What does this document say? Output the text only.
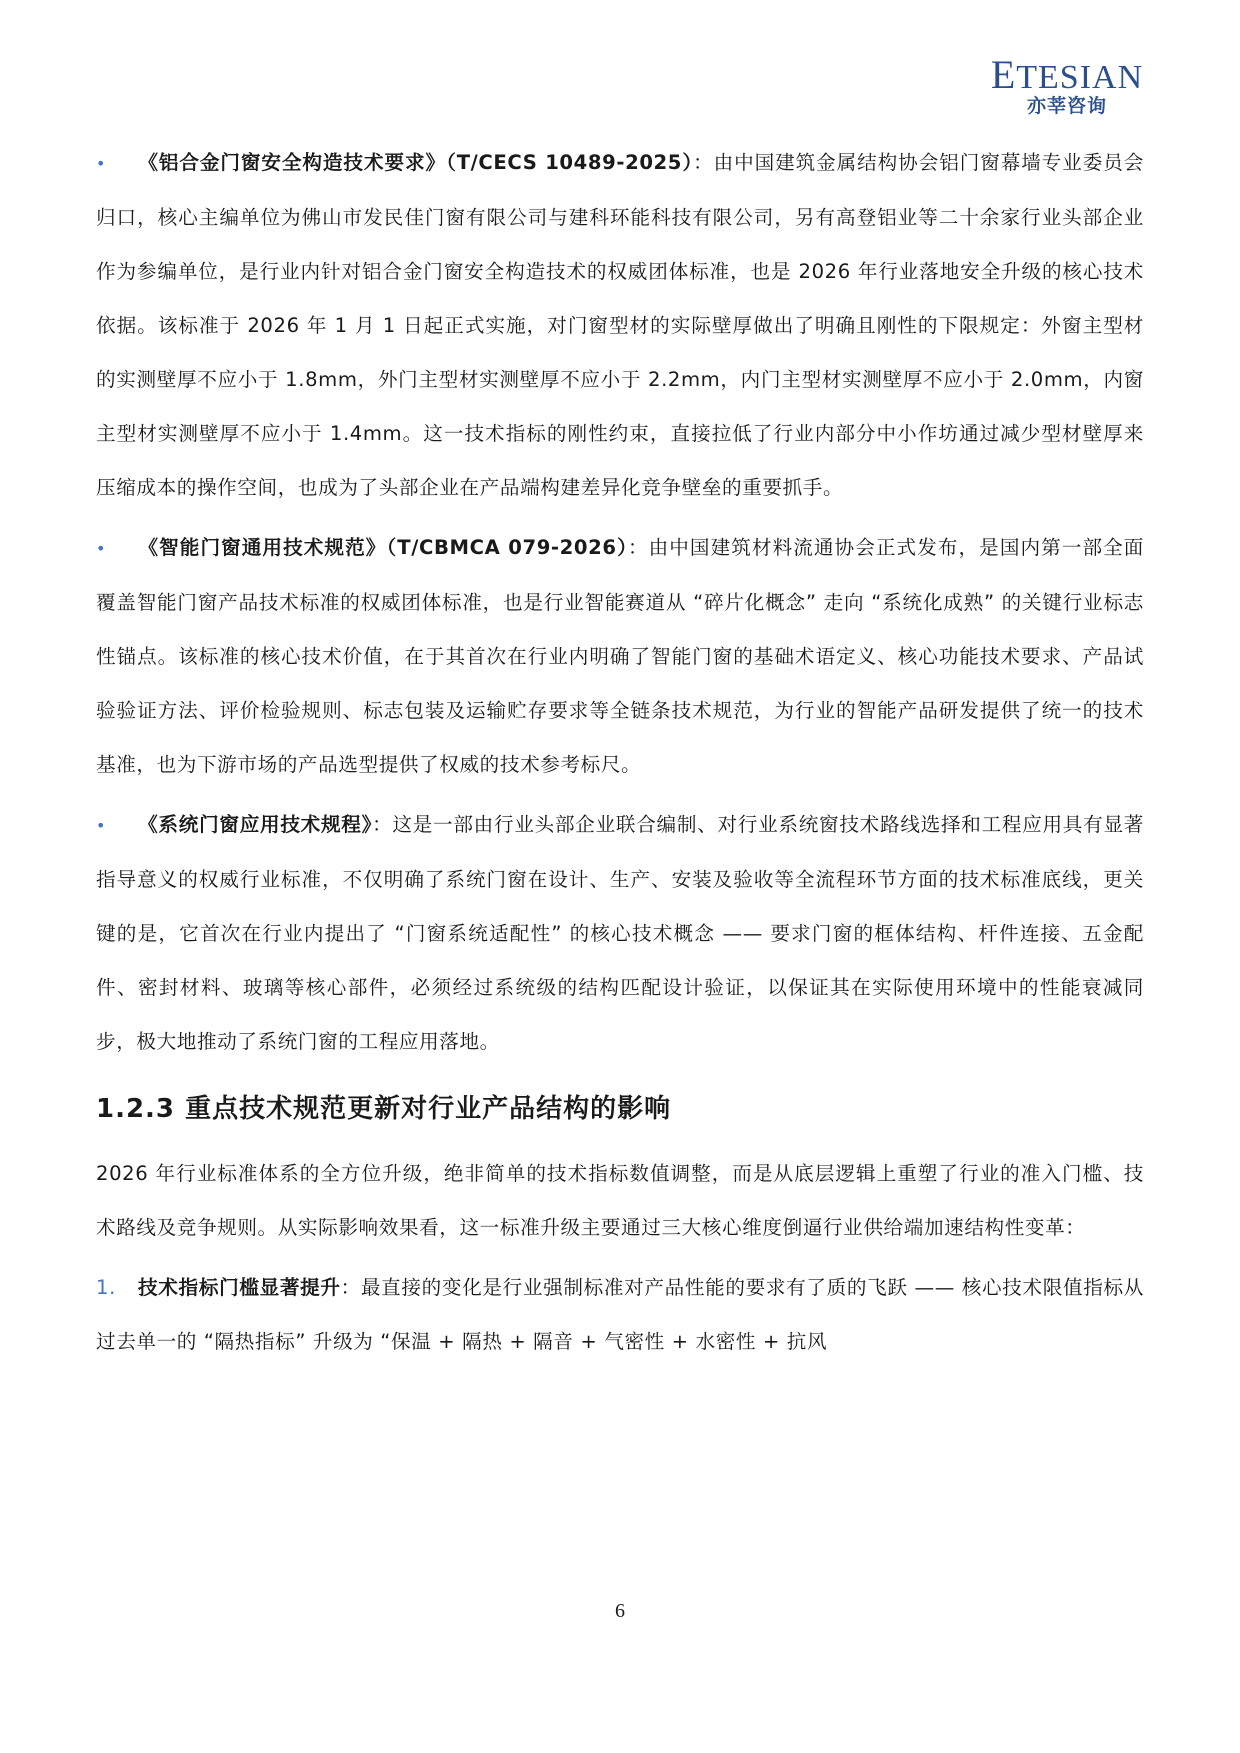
ETESIAN
亦莘咨询

• 《铝合金门窗安全构造技术要求》（T/CECS 10489-2025）：由中国建筑金属结构协会铝门窗幕墙专业委员会归口，核心主编单位为佛山市发民佳门窗有限公司与建科环能科技有限公司，另有高登铝业等二十余家行业头部企业作为参编单位，是行业内针对铝合金门窗安全构造技术的权威团体标准，也是 2026 年行业落地安全升级的核心技术依据。该标准于 2026 年 1 月 1 日起正式实施，对门窗型材的实际壁厚做出了明确且刚性的下限规定：外窗主型材的实测壁厚不应小于 1.8mm，外门主型材实测壁厚不应小于 2.2mm，内门主型材实测壁厚不应小于 2.0mm，内窗主型材实测壁厚不应小于 1.4mm。这一技术指标的刚性约束，直接拉低了行业内部分中小作坊通过减少型材壁厚来压缩成本的操作空间，也成为了头部企业在产品端构建差异化竞争壁垒的重要抓手。

• 《智能门窗通用技术规范》（T/CBMCA 079-2026）：由中国建筑材料流通协会正式发布，是国内第一部全面覆盖智能门窗产品技术标准的权威团体标准，也是行业智能赛道从 “碎片化概念” 走向 “系统化成熟” 的关键行业标志性锚点。该标准的核心技术价值，在于其首次在行业内明确了智能门窗的基础术语定义、核心功能技术要求、产品试验验证方法、评价检验规则、标志包装及运输贮存要求等全链条技术规范，为行业的智能产品研发提供了统一的技术基准，也为下游市场的产品选型提供了权威的技术参考标尺。

• 《系统门窗应用技术规程》：这是一部由行业头部企业联合编制、对行业系统窗技术路线选择和工程应用具有显著指导意义的权威行业标准，不仅明确了系统门窗在设计、生产、安装及验收等全流程环节方面的技术标准底线，更关键的是，它首次在行业内提出了 “门窗系统适配性” 的核心技术概念 —— 要求门窗的框体结构、杆件连接、五金配件、密封材料、玻璃等核心部件，必须经过系统级的结构匹配设计验证，以保证其在实际使用环境中的性能衰减同步，极大地推动了系统门窗的工程应用落地。

1.2.3 重点技术规范更新对行业产品结构的影响

2026 年行业标准体系的全方位升级，绝非简单的技术指标数值调整，而是从底层逻辑上重塑了行业的准入门槛、技术路线及竞争规则。从实际影响效果看，这一标准升级主要通过三大核心维度倒逼行业供给端加速结构性变革：

1. 技术指标门槛显著提升：最直接的变化是行业强制标准对产品性能的要求有了质的飞跃 —— 核心技术限值指标从过去单一的 “隔热指标” 升级为 “保温 + 隔热 + 隔音 + 气密性 + 水密性 + 抗风

6
